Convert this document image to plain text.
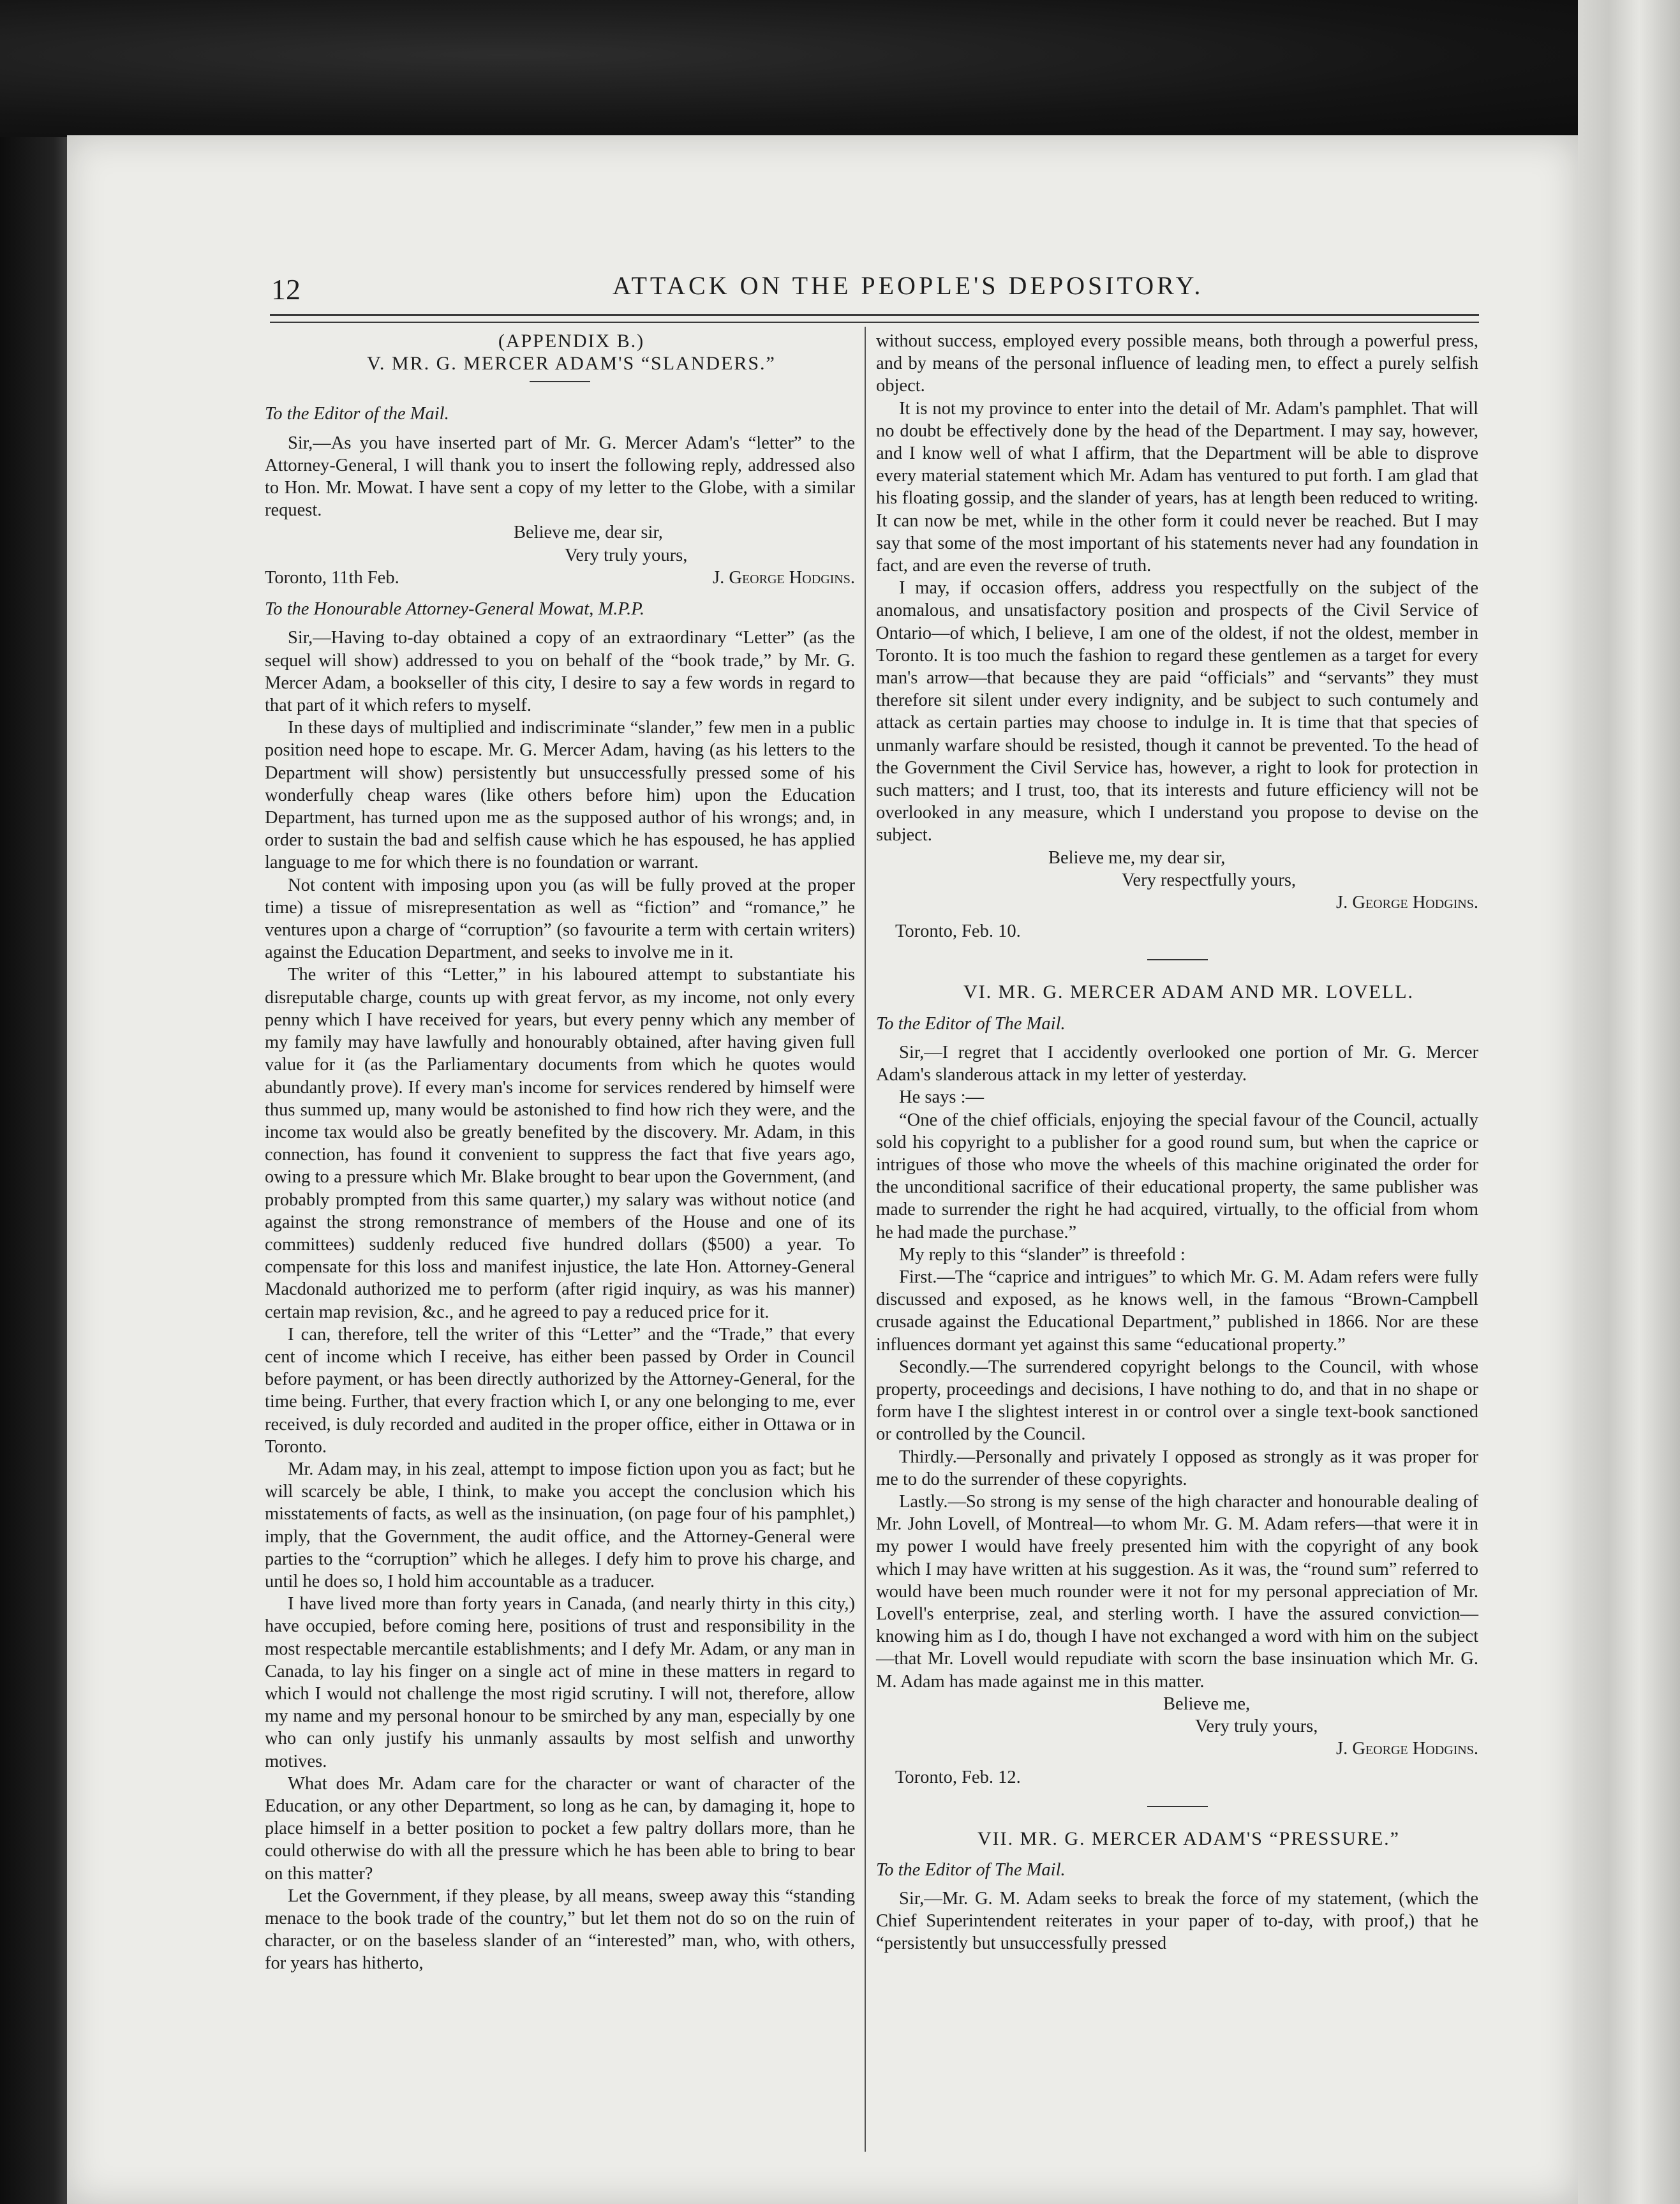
12	ATTACK ON THE PEOPLE'S DEPOSITORY.

(APPENDIX B.)

V. MR. G. MERCER ADAM'S “SLANDERS.”

To the Editor of the Mail.

Sir,—As you have inserted part of Mr. G. Mercer Adam's “letter” to the Attorney-General, I will thank you to insert the following reply, addressed also to Hon. Mr. Mowat. I have sent a copy of my letter to the Globe, with a similar request.

Believe me, dear sir,

Very truly yours,

J. George Hodgins.

Toronto, 11th Feb.

To the Honourable Attorney-General Mowat, M.P.P.

Sir,—Having to-day obtained a copy of an extraordinary “Letter” (as the sequel will show) addressed to you on behalf of the “book trade,” by Mr. G. Mercer Adam, a bookseller of this city, I desire to say a few words in regard to that part of it which refers to myself.

In these days of multiplied and indiscriminate “slander,” few men in a public position need hope to escape. Mr. G. Mercer Adam, having (as his letters to the Department will show) persistently but unsuccessfully pressed some of his wonderfully cheap wares (like others before him) upon the Education Department, has turned upon me as the supposed author of his wrongs; and, in order to sustain the bad and selfish cause which he has espoused, he has applied language to me for which there is no foundation or warrant.

Not content with imposing upon you (as will be fully proved at the proper time) a tissue of misrepresentation as well as “fiction” and “romance,” he ventures upon a charge of “corruption” (so favourite a term with certain writers) against the Education Department, and seeks to involve me in it.

The writer of this “Letter,” in his laboured attempt to substantiate his disreputable charge, counts up with great fervor, as my income, not only every penny which I have received for years, but every penny which any member of my family may have lawfully and honourably obtained, after having given full value for it (as the Parliamentary documents from which he quotes would abundantly prove). If every man's income for services rendered by himself were thus summed up, many would be astonished to find how rich they were, and the income tax would also be greatly benefited by the discovery. Mr. Adam, in this connection, has found it convenient to suppress the fact that five years ago, owing to a pressure which Mr. Blake brought to bear upon the Government, (and probably prompted from this same quarter,) my salary was without notice (and against the strong remonstrance of members of the House and one of its committees) suddenly reduced five hundred dollars ($500) a year. To compensate for this loss and manifest injustice, the late Hon. Attorney-General Macdonald authorized me to perform (after rigid inquiry, as was his manner) certain map revision, &c., and he agreed to pay a reduced price for it.

I can, therefore, tell the writer of this “Letter” and the “Trade,” that every cent of income which I receive, has either been passed by Order in Council before payment, or has been directly authorized by the Attorney-General, for the time being. Further, that every fraction which I, or any one belonging to me, ever received, is duly recorded and audited in the proper office, either in Ottawa or in Toronto.

Mr. Adam may, in his zeal, attempt to impose fiction upon you as fact; but he will scarcely be able, I think, to make you accept the conclusion which his misstatements of facts, as well as the insinuation, (on page four of his pamphlet,) imply, that the Government, the audit office, and the Attorney-General were parties to the “corruption” which he alleges. I defy him to prove his charge, and until he does so, I hold him accountable as a traducer.

I have lived more than forty years in Canada, (and nearly thirty in this city,) have occupied, before coming here, positions of trust and responsibility in the most respectable mercantile establishments; and I defy Mr. Adam, or any man in Canada, to lay his finger on a single act of mine in these matters in regard to which I would not challenge the most rigid scrutiny. I will not, therefore, allow my name and my personal honour to be smirched by any man, especially by one who can only justify his unmanly assaults by most selfish and unworthy motives.

What does Mr. Adam care for the character or want of character of the Education, or any other Department, so long as he can, by damaging it, hope to place himself in a better position to pocket a few paltry dollars more, than he could otherwise do with all the pressure which he has been able to bring to bear on this matter?

Let the Government, if they please, by all means, sweep away this “standing menace to the book trade of the country,” but let them not do so on the ruin of character, or on the baseless slander of an “interested” man, who, with others, for years has hitherto,

without success, employed every possible means, both through a powerful press, and by means of the personal influence of leading men, to effect a purely selfish object.

It is not my province to enter into the detail of Mr. Adam's pamphlet. That will no doubt be effectively done by the head of the Department. I may say, however, and I know well of what I affirm, that the Department will be able to disprove every material statement which Mr. Adam has ventured to put forth. I am glad that his floating gossip, and the slander of years, has at length been reduced to writing. It can now be met, while in the other form it could never be reached. But I may say that some of the most important of his statements never had any foundation in fact, and are even the reverse of truth.

I may, if occasion offers, address you respectfully on the subject of the anomalous, and unsatisfactory position and prospects of the Civil Service of Ontario—of which, I believe, I am one of the oldest, if not the oldest, member in Toronto. It is too much the fashion to regard these gentlemen as a target for every man's arrow—that because they are paid “officials” and “servants” they must therefore sit silent under every indignity, and be subject to such contumely and attack as certain parties may choose to indulge in. It is time that that species of unmanly warfare should be resisted, though it cannot be prevented. To the head of the Government the Civil Service has, however, a right to look for protection in such matters; and I trust, too, that its interests and future efficiency will not be overlooked in any measure, which I understand you propose to devise on the subject.

Believe me, my dear sir,

Very respectfully yours,

J. George Hodgins.

Toronto, Feb. 10.

VI. MR. G. MERCER ADAM AND MR. LOVELL.

To the Editor of The Mail.

Sir,—I regret that I accidently overlooked one portion of Mr. G. Mercer Adam's slanderous attack in my letter of yesterday.

He says :—

“One of the chief officials, enjoying the special favour of the Council, actually sold his copyright to a publisher for a good round sum, but when the caprice or intrigues of those who move the wheels of this machine originated the order for the unconditional sacrifice of their educational property, the same publisher was made to surrender the right he had acquired, virtually, to the official from whom he had made the purchase.”

My reply to this “slander” is threefold :

First.—The “caprice and intrigues” to which Mr. G. M. Adam refers were fully discussed and exposed, as he knows well, in the famous “Brown-Campbell crusade against the Educational Department,” published in 1866. Nor are these influences dormant yet against this same “educational property.”

Secondly.—The surrendered copyright belongs to the Council, with whose property, proceedings and decisions, I have nothing to do, and that in no shape or form have I the slightest interest in or control over a single text-book sanctioned or controlled by the Council.

Thirdly.—Personally and privately I opposed as strongly as it was proper for me to do the surrender of these copyrights.

Lastly.—So strong is my sense of the high character and honourable dealing of Mr. John Lovell, of Montreal—to whom Mr. G. M. Adam refers—that were it in my power I would have freely presented him with the copyright of any book which I may have written at his suggestion. As it was, the “round sum” referred to would have been much rounder were it not for my personal appreciation of Mr. Lovell's enterprise, zeal, and sterling worth. I have the assured conviction—knowing him as I do, though I have not exchanged a word with him on the subject—that Mr. Lovell would repudiate with scorn the base insinuation which Mr. G. M. Adam has made against me in this matter.

Believe me,

Very truly yours,

J. George Hodgins.

Toronto, Feb. 12.

VII. MR. G. MERCER ADAM'S “PRESSURE.”

To the Editor of The Mail.

Sir,—Mr. G. M. Adam seeks to break the force of my statement, (which the Chief Superintendent reiterates in your paper of to-day, with proof,) that he “persistently but unsuccessfully pressed
